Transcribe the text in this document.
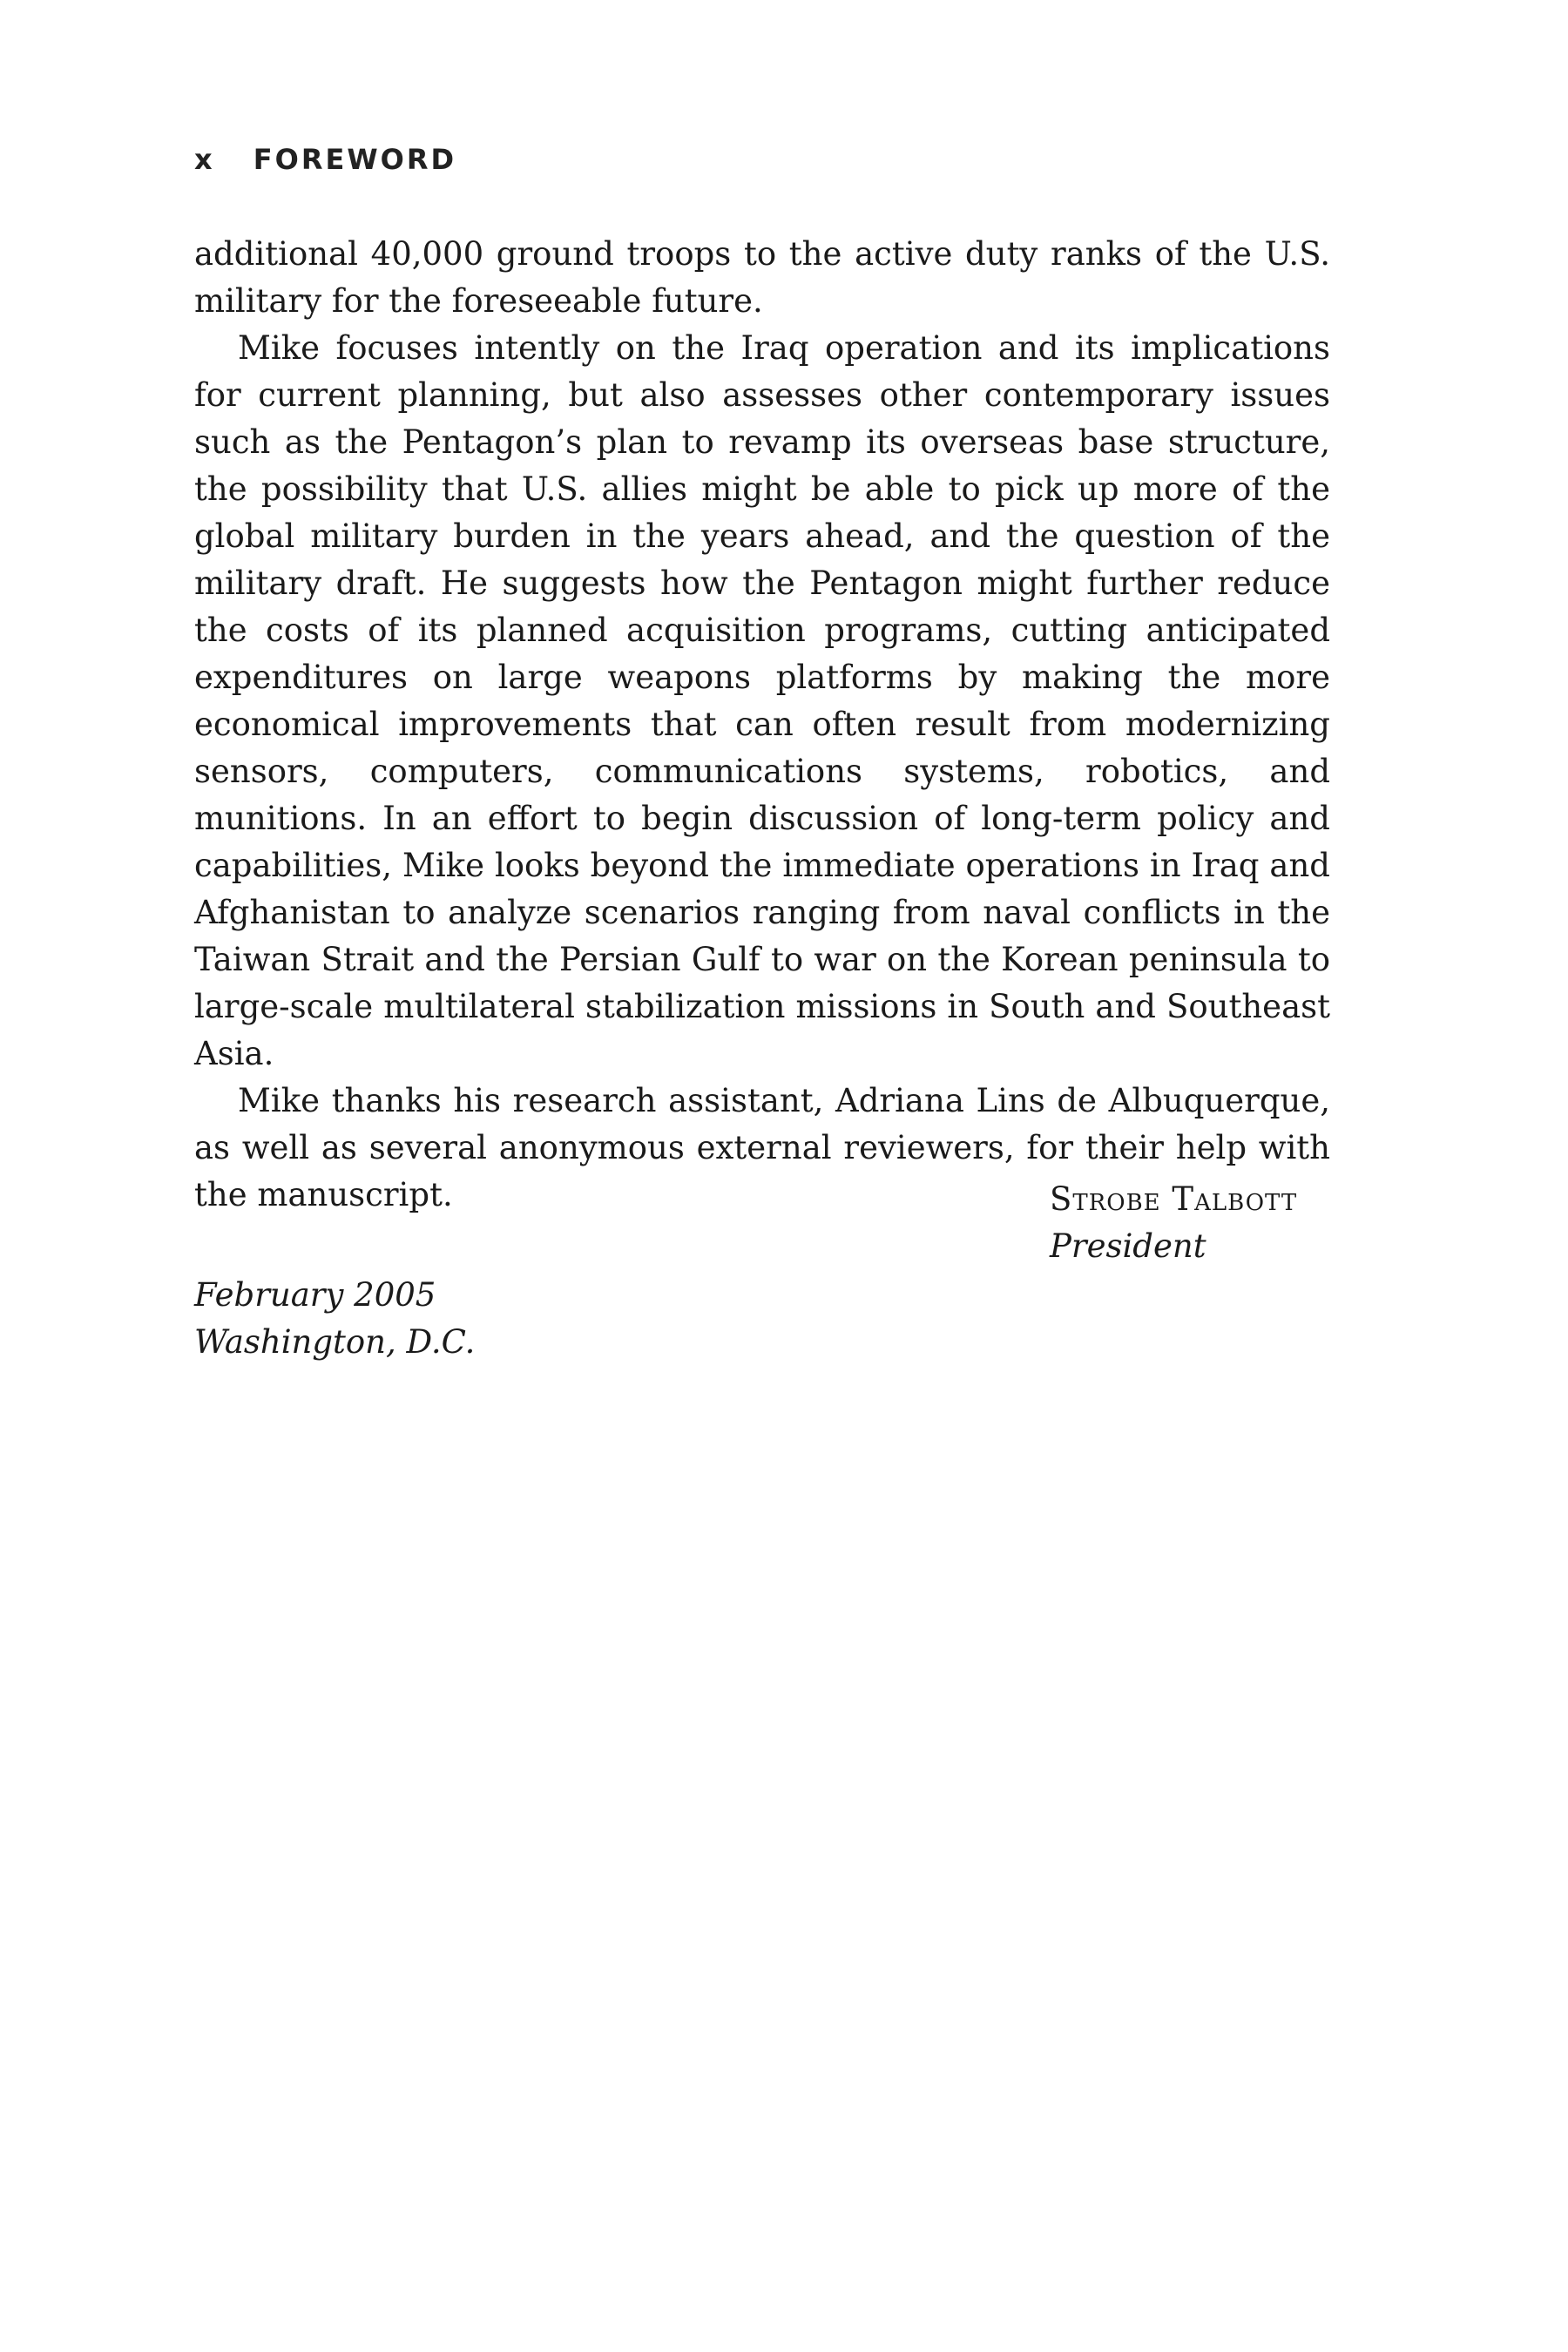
x FOREWORD

additional 40,000 ground troops to the active duty ranks of the U.S. military for the foreseeable future.

Mike focuses intently on the Iraq operation and its implications for current planning, but also assesses other contemporary issues such as the Pentagon’s plan to revamp its overseas base structure, the possibility that U.S. allies might be able to pick up more of the global military burden in the years ahead, and the question of the military draft. He suggests how the Pentagon might further reduce the costs of its planned acquisition programs, cutting anticipated expenditures on large weapons platforms by making the more economical improvements that can often result from modernizing sensors, computers, communications systems, robotics, and munitions. In an effort to begin discussion of long-term policy and capabilities, Mike looks beyond the immediate operations in Iraq and Afghanistan to analyze scenarios ranging from naval conflicts in the Taiwan Strait and the Persian Gulf to war on the Korean peninsula to large-scale multilateral stabilization missions in South and Southeast Asia.

Mike thanks his research assistant, Adriana Lins de Albuquerque, as well as several anonymous external reviewers, for their help with the manuscript.	Strobe Talbott
President
February 2005
Washington, D.C.
